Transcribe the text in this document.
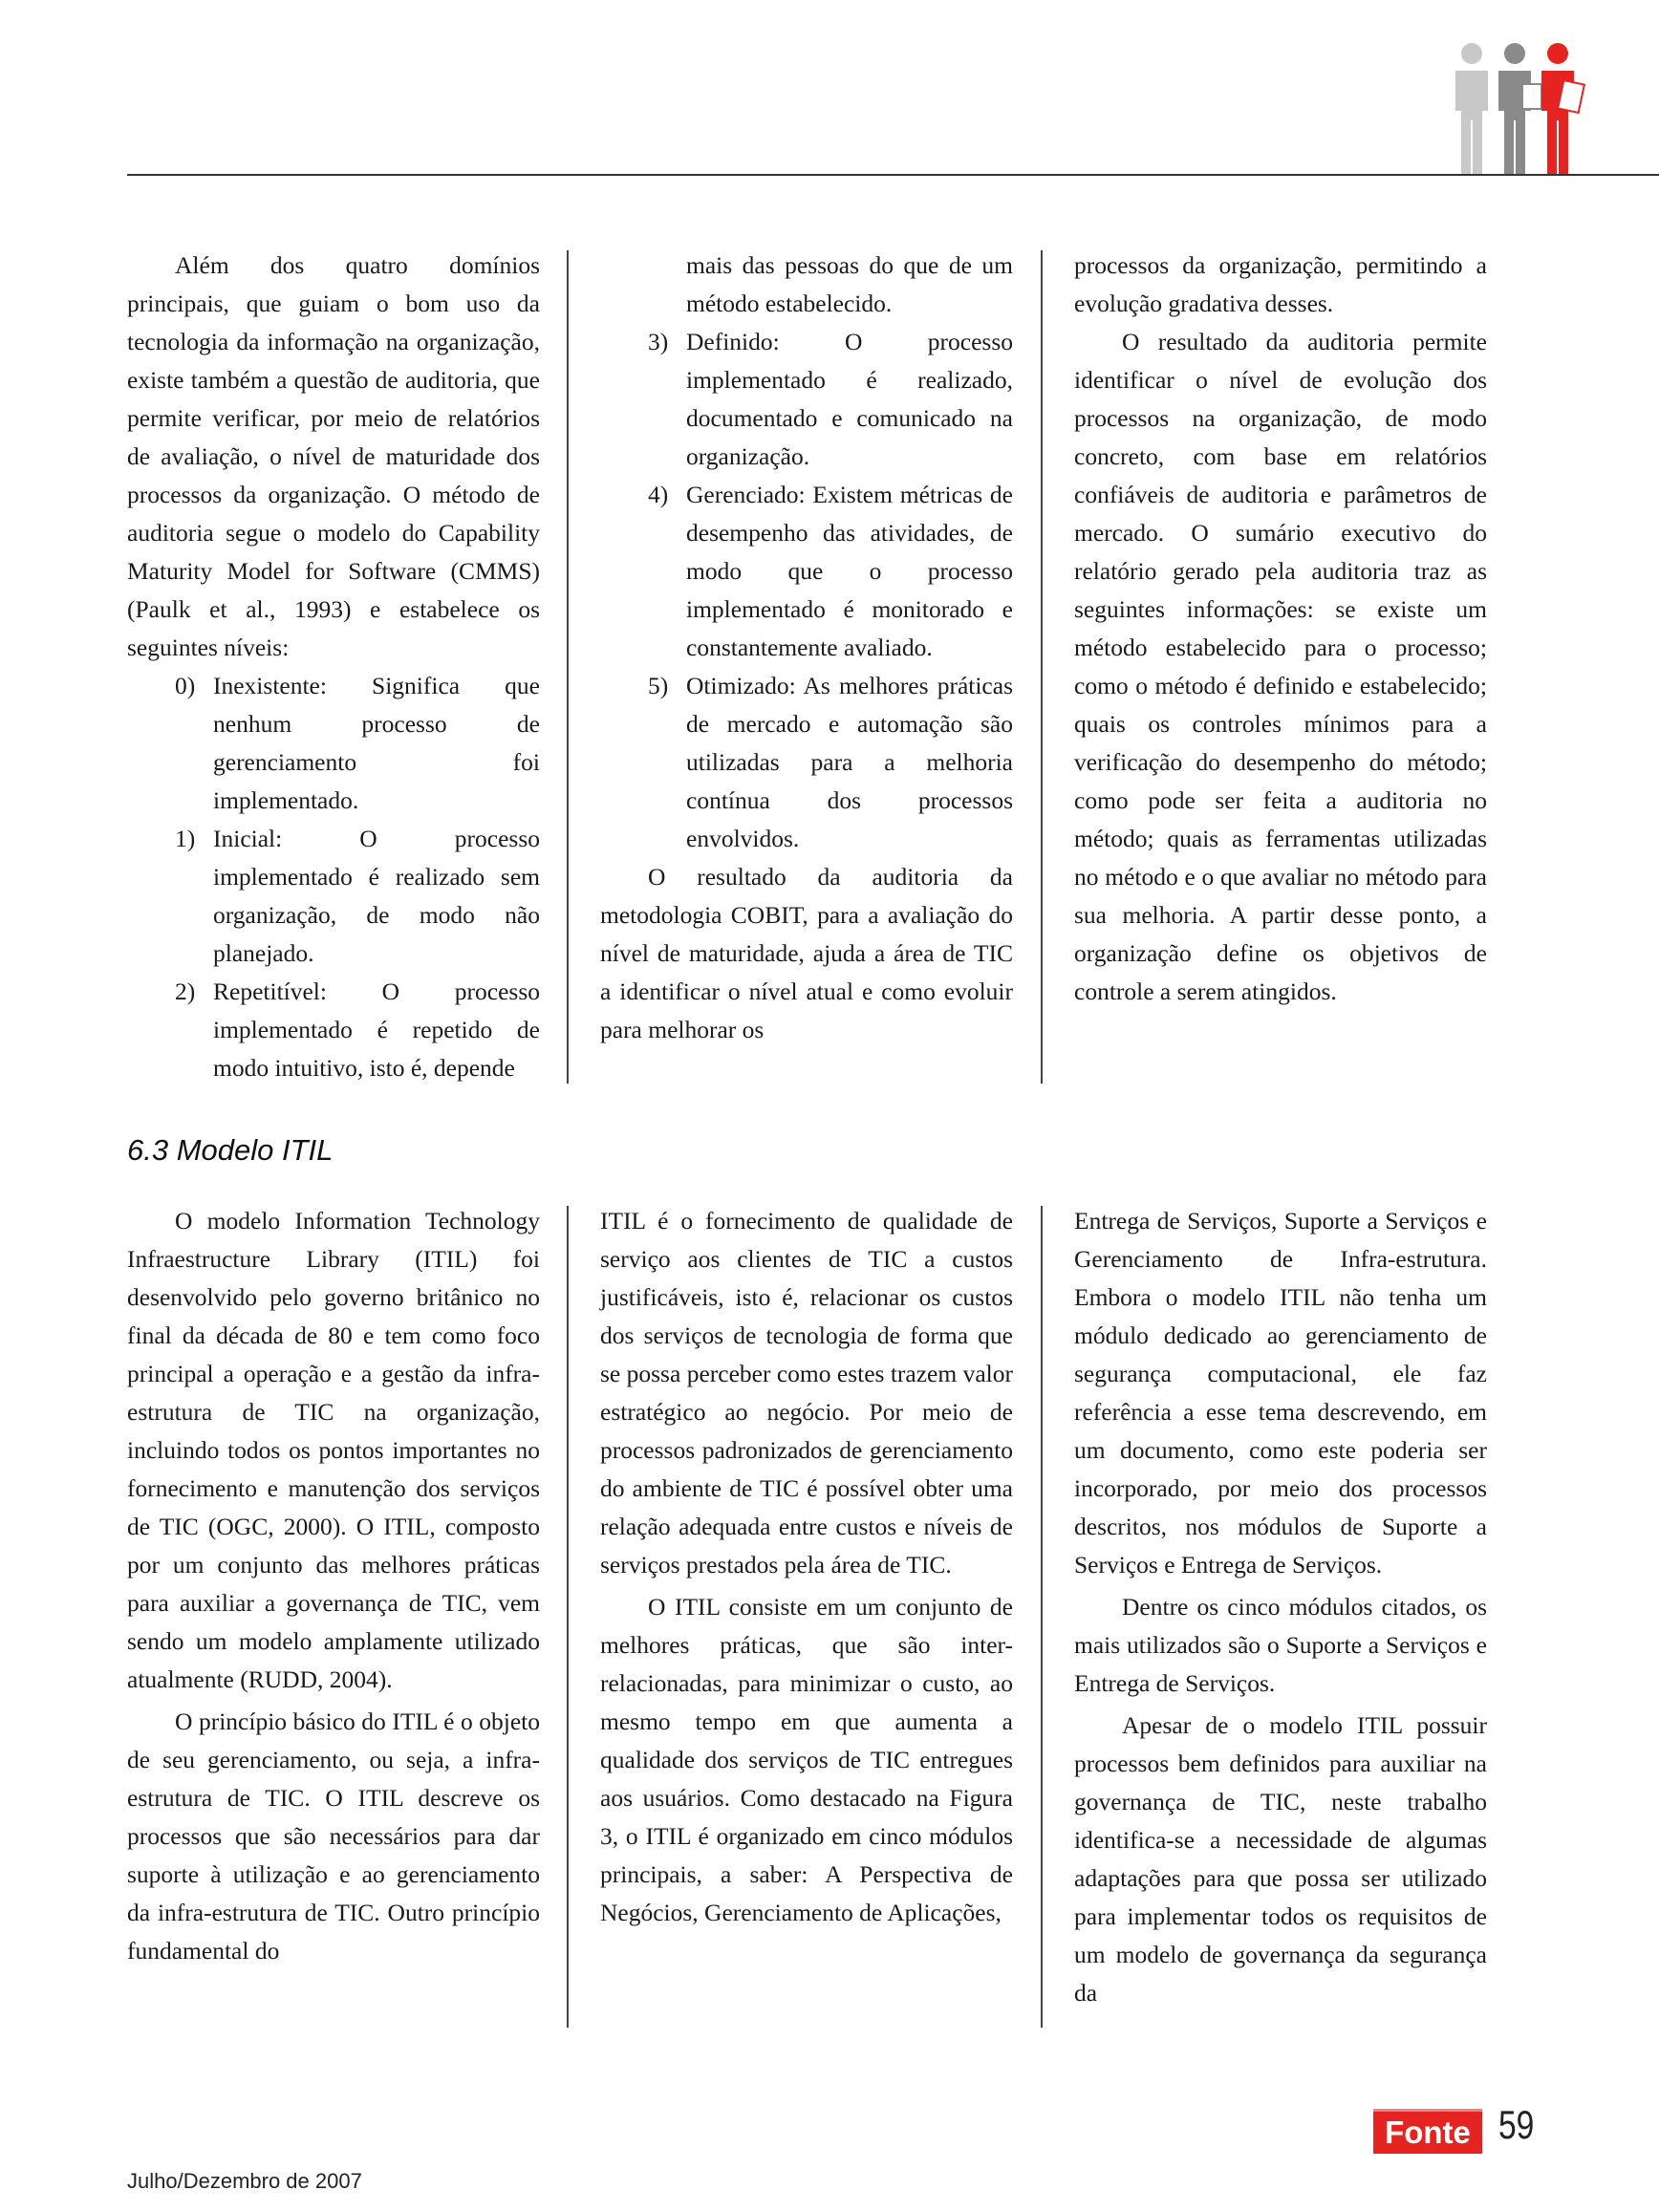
Além dos quatro domínios principais, que guiam o bom uso da tecnologia da informação na organização, existe também a questão de auditoria, que permite verificar, por meio de relatórios de avaliação, o nível de maturidade dos processos da organização. O método de auditoria segue o modelo do Capability Maturity Model for Software (CMMS) (Paulk et al., 1993) e estabelece os seguintes níveis:

0) Inexistente: Significa que nenhum processo de gerenciamento foi implementado.
1) Inicial: O processo implementado é realizado sem organização, de modo não planejado.
2) Repetitível: O processo implementado é repetido de modo intuitivo, isto é, depende
mais das pessoas do que de um método estabelecido.
3) Definido: O processo implementado é realizado, documentado e comunicado na organização.
4) Gerenciado: Existem métricas de desempenho das atividades, de modo que o processo implementado é monitorado e constantemente avaliado.
5) Otimizado: As melhores práticas de mercado e automação são utilizadas para a melhoria contínua dos processos envolvidos.

O resultado da auditoria da metodologia COBIT, para a avaliação do nível de maturidade, ajuda a área de TIC a identificar o nível atual e como evoluir para melhorar os

processos da organização, permitindo a evolução gradativa desses.

O resultado da auditoria permite identificar o nível de evolução dos processos na organização, de modo concreto, com base em relatórios confiáveis de auditoria e parâmetros de mercado. O sumário executivo do relatório gerado pela auditoria traz as seguintes informações: se existe um método estabelecido para o processo; como o método é definido e estabelecido; quais os controles mínimos para a verificação do desempenho do método; como pode ser feita a auditoria no método; quais as ferramentas utilizadas no método e o que avaliar no método para sua melhoria. A partir desse ponto, a organização define os objetivos de controle a serem atingidos.

6.3 Modelo ITIL

O modelo Information Technology Infraestructure Library (ITIL) foi desenvolvido pelo governo britânico no final da década de 80 e tem como foco principal a operação e a gestão da infra-estrutura de TIC na organização, incluindo todos os pontos importantes no fornecimento e manutenção dos serviços de TIC (OGC, 2000). O ITIL, composto por um conjunto das melhores práticas para auxiliar a governança de TIC, vem sendo um modelo amplamente utilizado atualmente (RUDD, 2004).

O princípio básico do ITIL é o objeto de seu gerenciamento, ou seja, a infra-estrutura de TIC. O ITIL descreve os processos que são necessários para dar suporte à utilização e ao gerenciamento da infra-estrutura de TIC. Outro princípio fundamental do

ITIL é o fornecimento de qualidade de serviço aos clientes de TIC a custos justificáveis, isto é, relacionar os custos dos serviços de tecnologia de forma que se possa perceber como estes trazem valor estratégico ao negócio. Por meio de processos padronizados de gerenciamento do ambiente de TIC é possível obter uma relação adequada entre custos e níveis de serviços prestados pela área de TIC.

O ITIL consiste em um conjunto de melhores práticas, que são inter-relacionadas, para minimizar o custo, ao mesmo tempo em que aumenta a qualidade dos serviços de TIC entregues aos usuários. Como destacado na Figura 3, o ITIL é organizado em cinco módulos principais, a saber: A Perspectiva de Negócios, Gerenciamento de Aplicações,

Entrega de Serviços, Suporte a Serviços e Gerenciamento de Infra-estrutura. Embora o modelo ITIL não tenha um módulo dedicado ao gerenciamento de segurança computacional, ele faz referência a esse tema descrevendo, em um documento, como este poderia ser incorporado, por meio dos processos descritos, nos módulos de Suporte a Serviços e Entrega de Serviços.

Dentre os cinco módulos citados, os mais utilizados são o Suporte a Serviços e Entrega de Serviços.

Apesar de o modelo ITIL possuir processos bem definidos para auxiliar na governança de TIC, neste trabalho identifica-se a necessidade de algumas adaptações para que possa ser utilizado para implementar todos os requisitos de um modelo de governança da segurança da

Julho/Dezembro de 2007
Fonte 59
